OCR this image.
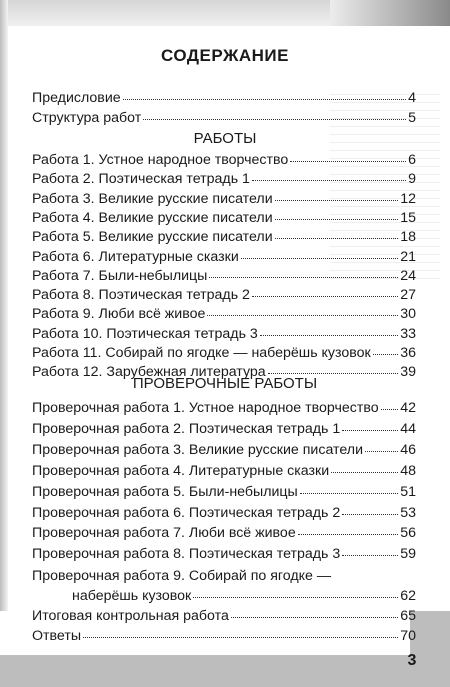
СОДЕРЖАНИЕ
Предисловие	4
Структура работ	5
РАБОТЫ
Работа 1. Устное народное творчество	6
Работа 2. Поэтическая тетрадь 1	9
Работа 3. Великие русские писатели	12
Работа 4. Великие русские писатели	15
Работа 5. Великие русские писатели	18
Работа 6. Литературные сказки	21
Работа 7. Были-небылицы	24
Работа 8. Поэтическая тетрадь 2	27
Работа 9. Люби всё живое	30
Работа 10. Поэтическая тетрадь 3	33
Работа 11. Собирай по ягодке — наберёшь кузовок 36
Работа 12. Зарубежная литература	39
ПРОВЕРОЧНЫЕ РАБОТЫ
Проверочная работа 1. Устное народное творчество 42
Проверочная работа 2. Поэтическая тетрадь 1	44
Проверочная работа 3. Великие русские писатели	46
Проверочная работа 4. Литературные сказки	48
Проверочная работа 5. Были-небылицы	51
Проверочная работа 6. Поэтическая тетрадь 2	53
Проверочная работа 7. Люби всё живое	56
Проверочная работа 8. Поэтическая тетрадь 3	59
Проверочная работа 9. Собирай по ягодке —
наберёшь кузовок	62
Итоговая контрольная работа	65
Ответы	70
3
